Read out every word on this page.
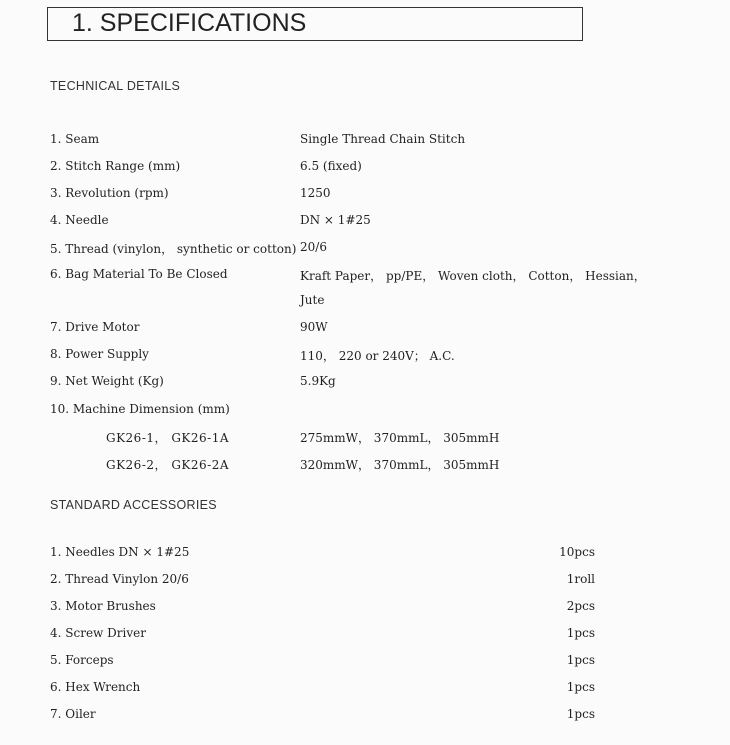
1. SPECIFICATIONS
TECHNICAL DETAILS
1. Seam	Single Thread Chain Stitch
2. Stitch Range (mm)	6.5 (fixed)
3. Revolution (rpm)	1250
4. Needle	DN × 1#25
5. Thread (vinylon， synthetic or cotton) 20/6
6. Bag Material To Be Closed	Kraft Paper， pp/PE， Woven cloth， Cotton， Hessian，
Jute
7. Drive Motor	90W
8. Power Supply	110， 220 or 240V； A.C.
9. Net Weight (Kg)	5.9Kg
10. Machine Dimension (mm)
GK26-1， GK26-1A	275mmW， 370mmL， 305mmH
GK26-2， GK26-2A	320mmW， 370mmL， 305mmH
STANDARD ACCESSORIES
1. Needles DN × 1#25	10pcs
2. Thread Vinylon 20/6	1roll
3. Motor Brushes	2pcs
4. Screw Driver	1pcs
5. Forceps	1pcs
6. Hex Wrench	1pcs
7. Oiler	1pcs
